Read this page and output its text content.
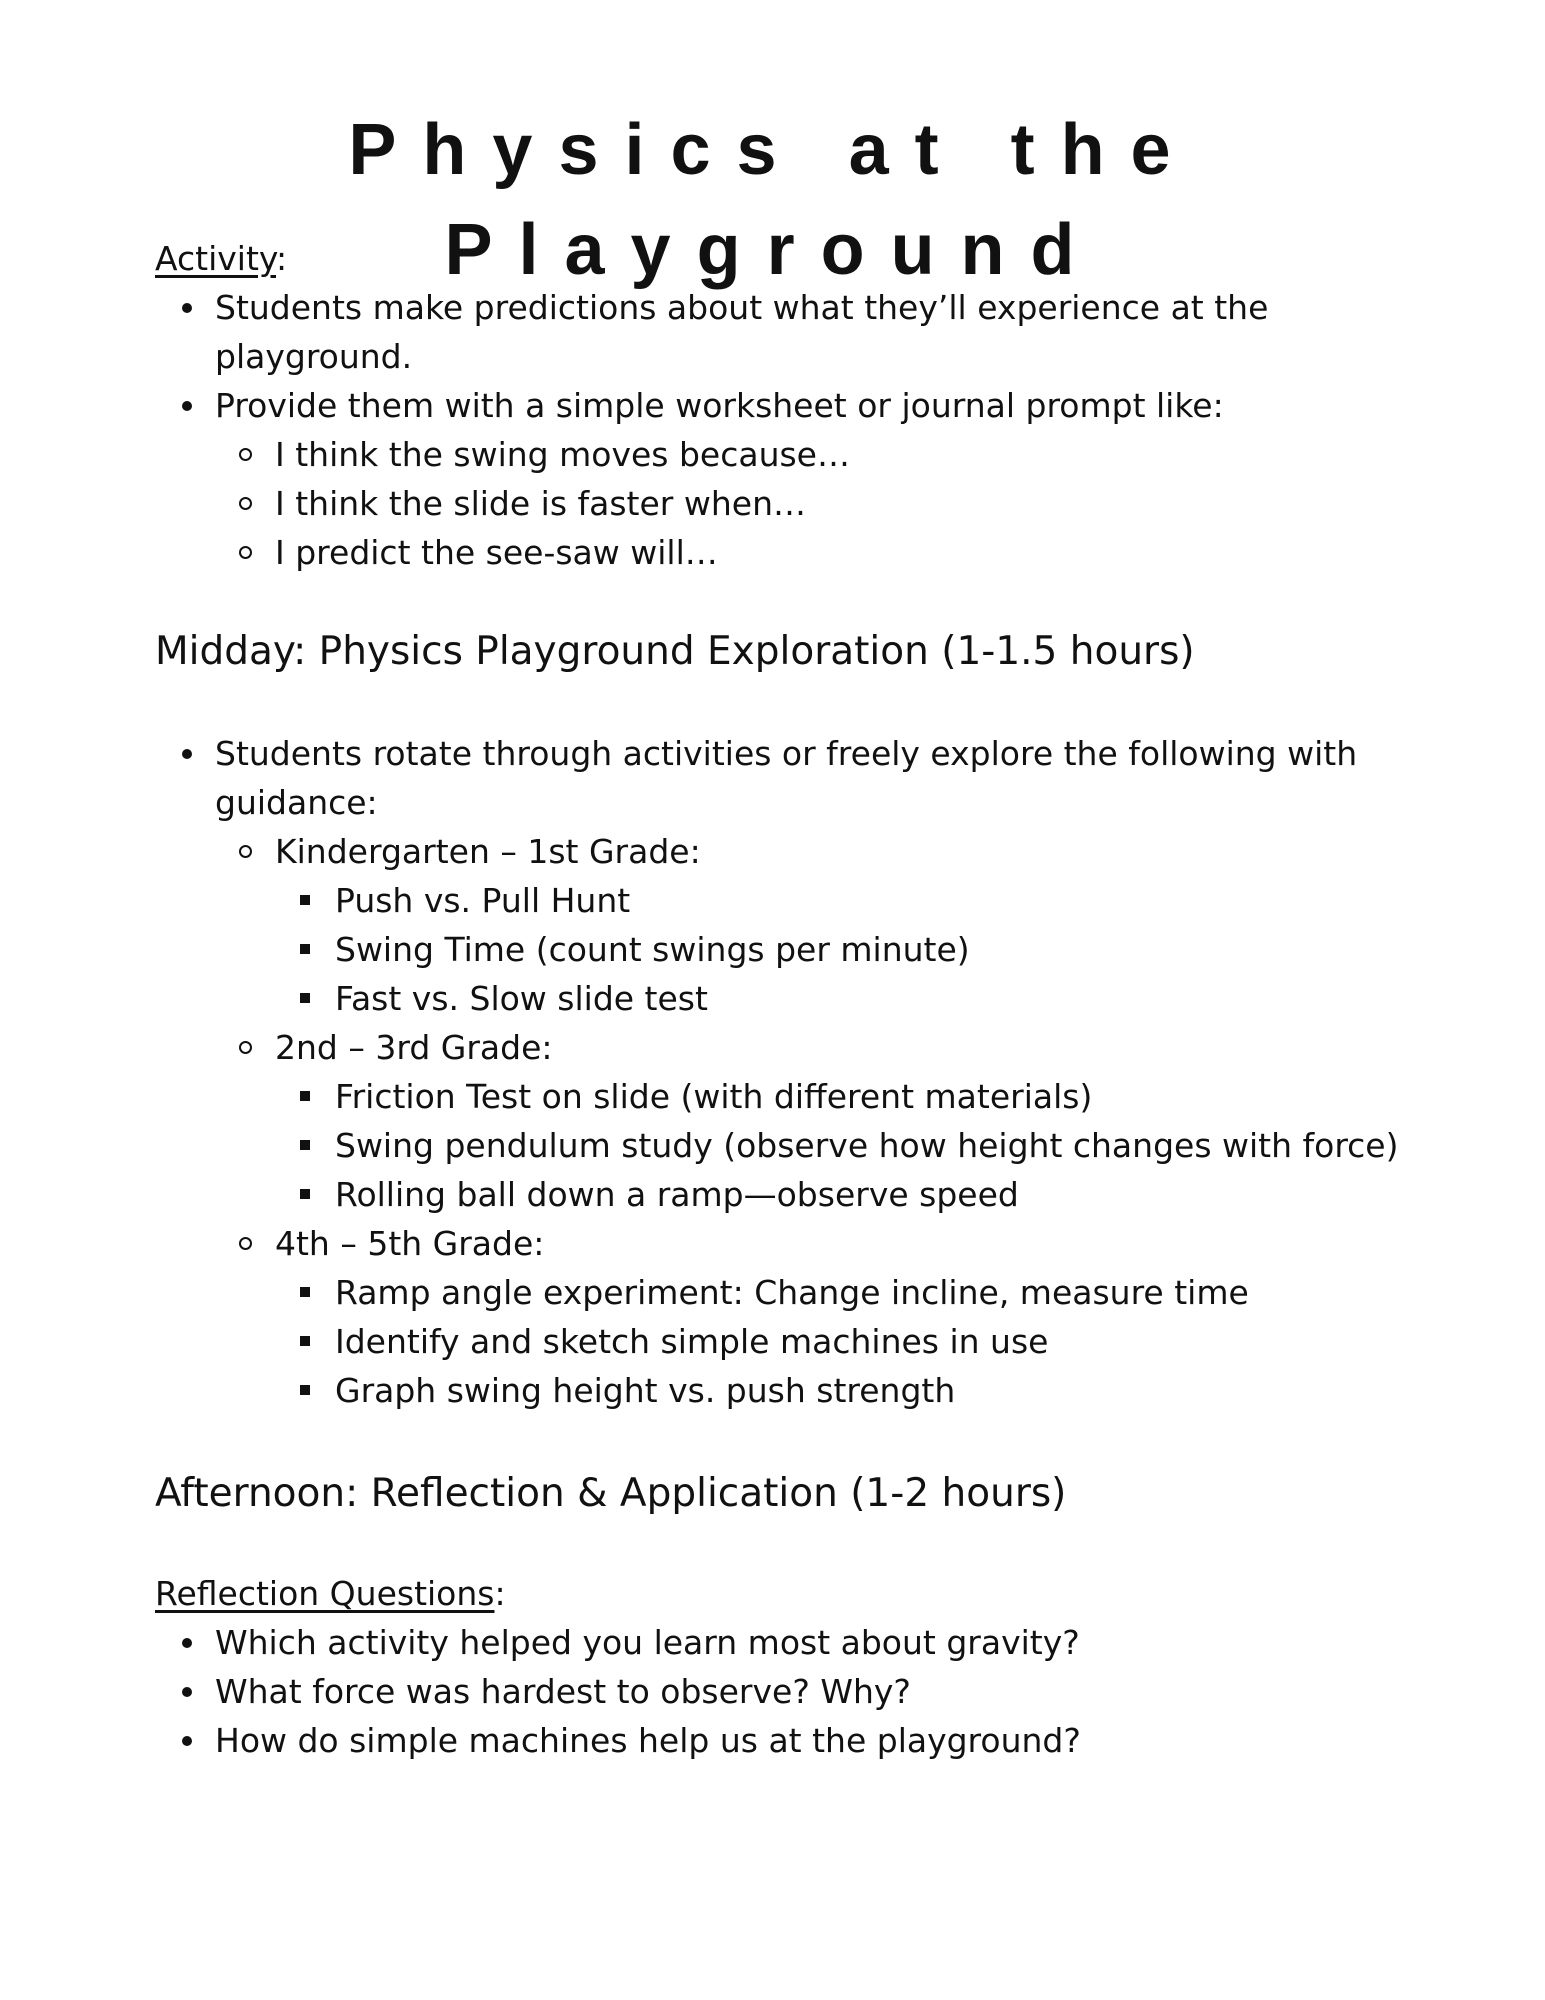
Physics at the Playground

Activity:

Students make predictions about what they’ll experience at the playground.
Provide them with a simple worksheet or journal prompt like:
I think the swing moves because…
I think the slide is faster when…
I predict the see-saw will…

Midday: Physics Playground Exploration (1-1.5 hours)

Students rotate through activities or freely explore the following with guidance:
Kindergarten – 1st Grade:
Push vs. Pull Hunt
Swing Time (count swings per minute)
Fast vs. Slow slide test
2nd – 3rd Grade:
Friction Test on slide (with different materials)
Swing pendulum study (observe how height changes with force)
Rolling ball down a ramp—observe speed
4th – 5th Grade:
Ramp angle experiment: Change incline, measure time
Identify and sketch simple machines in use
Graph swing height vs. push strength

Afternoon: Reflection & Application (1-2 hours)

Reflection Questions:

Which activity helped you learn most about gravity?
What force was hardest to observe? Why?
How do simple machines help us at the playground?
